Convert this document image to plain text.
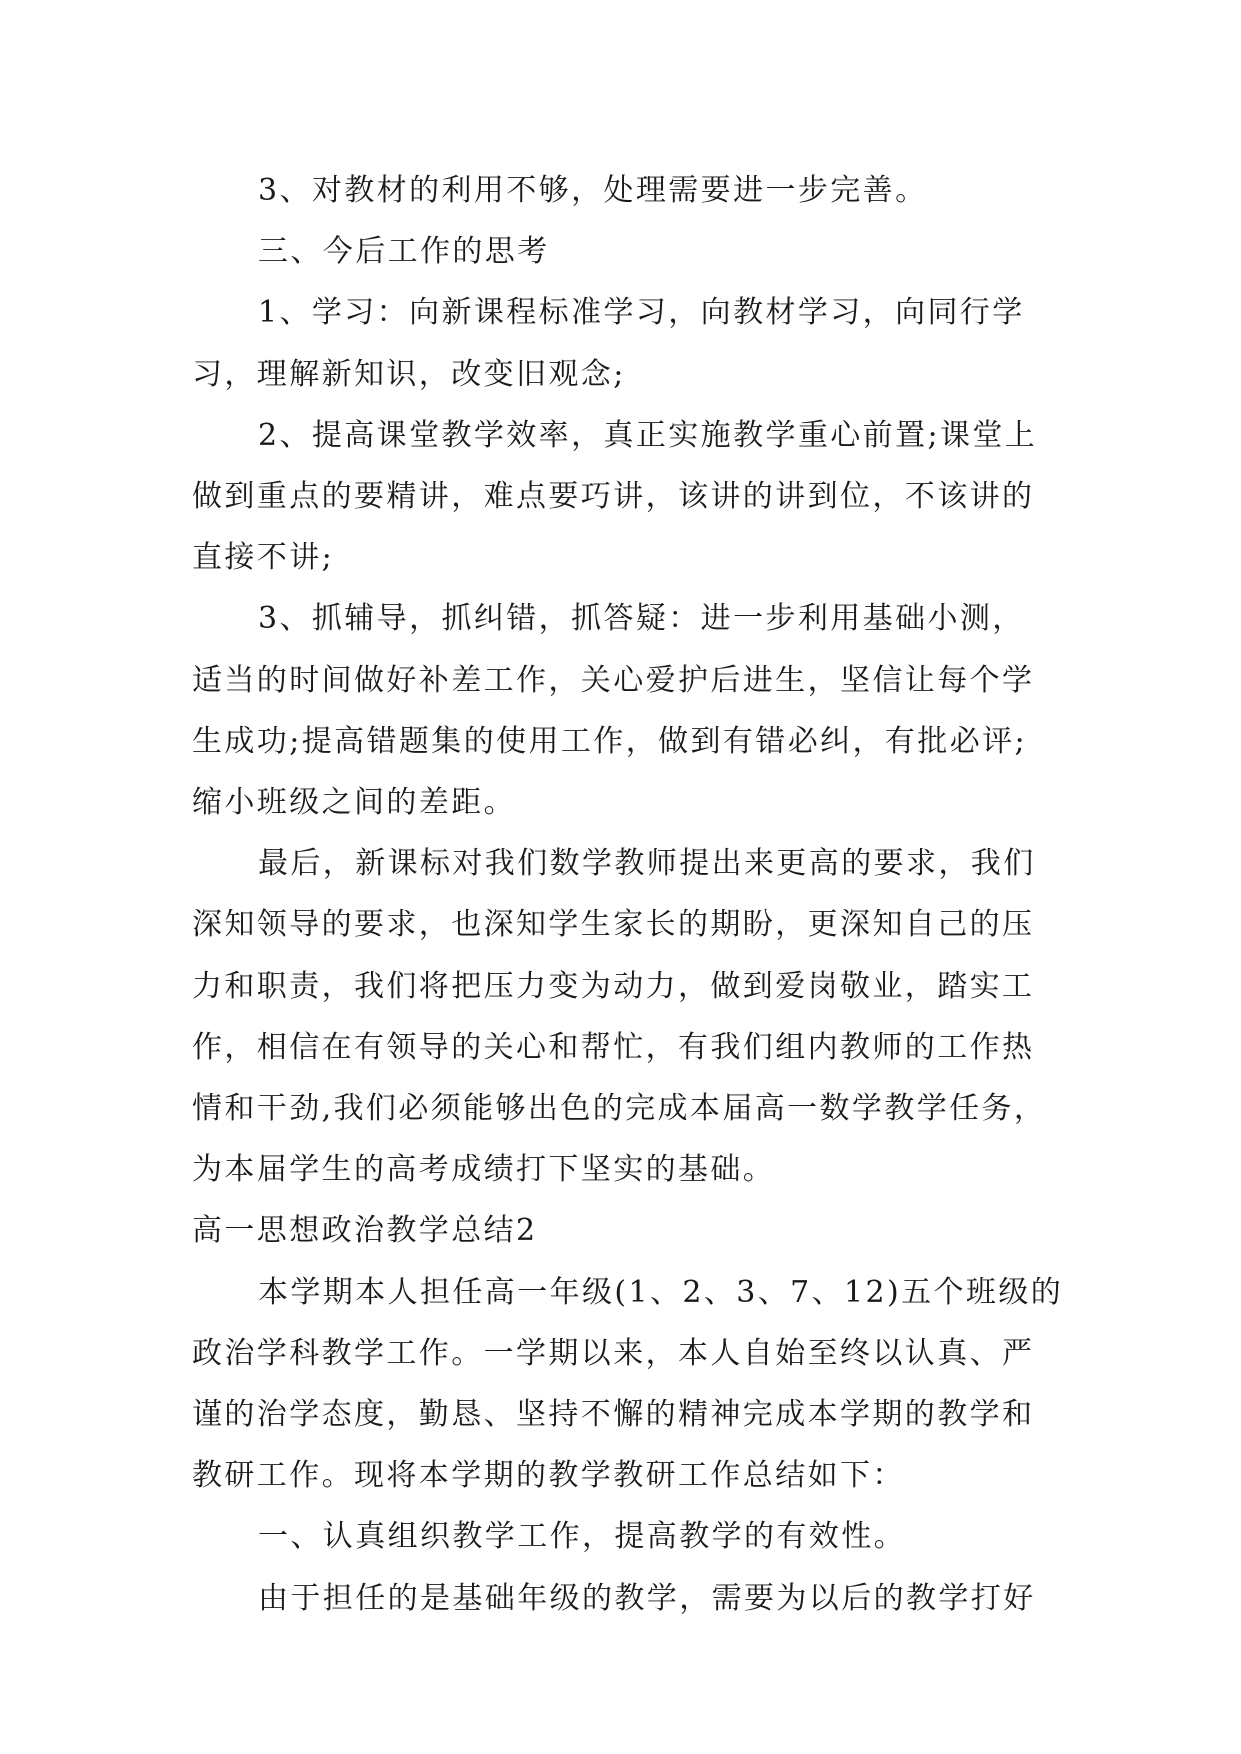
3、对教材的利用不够，处理需要进一步完善。

三、今后工作的思考

1、学习：向新课程标准学习，向教材学习，向同行学

习，理解新知识，改变旧观念;

2、提高课堂教学效率，真正实施教学重心前置;课堂上

做到重点的要精讲，难点要巧讲，该讲的讲到位，不该讲的

直接不讲;

3、抓辅导，抓纠错，抓答疑：进一步利用基础小测，

适当的时间做好补差工作，关心爱护后进生，坚信让每个学

生成功;提高错题集的使用工作，做到有错必纠，有批必评;

缩小班级之间的差距。

最后，新课标对我们数学教师提出来更高的要求，我们

深知领导的要求，也深知学生家长的期盼，更深知自己的压

力和职责，我们将把压力变为动力，做到爱岗敬业，踏实工

作，相信在有领导的关心和帮忙，有我们组内教师的工作热

情和干劲,我们必须能够出色的完成本届高一数学教学任务，

为本届学生的高考成绩打下坚实的基础。

高一思想政治教学总结2

本学期本人担任高一年级(1、2、3、7、12)五个班级的

政治学科教学工作。一学期以来，本人自始至终以认真、严

谨的治学态度，勤恳、坚持不懈的精神完成本学期的教学和

教研工作。现将本学期的教学教研工作总结如下：

一、认真组织教学工作，提高教学的有效性。

由于担任的是基础年级的教学，需要为以后的教学打好
